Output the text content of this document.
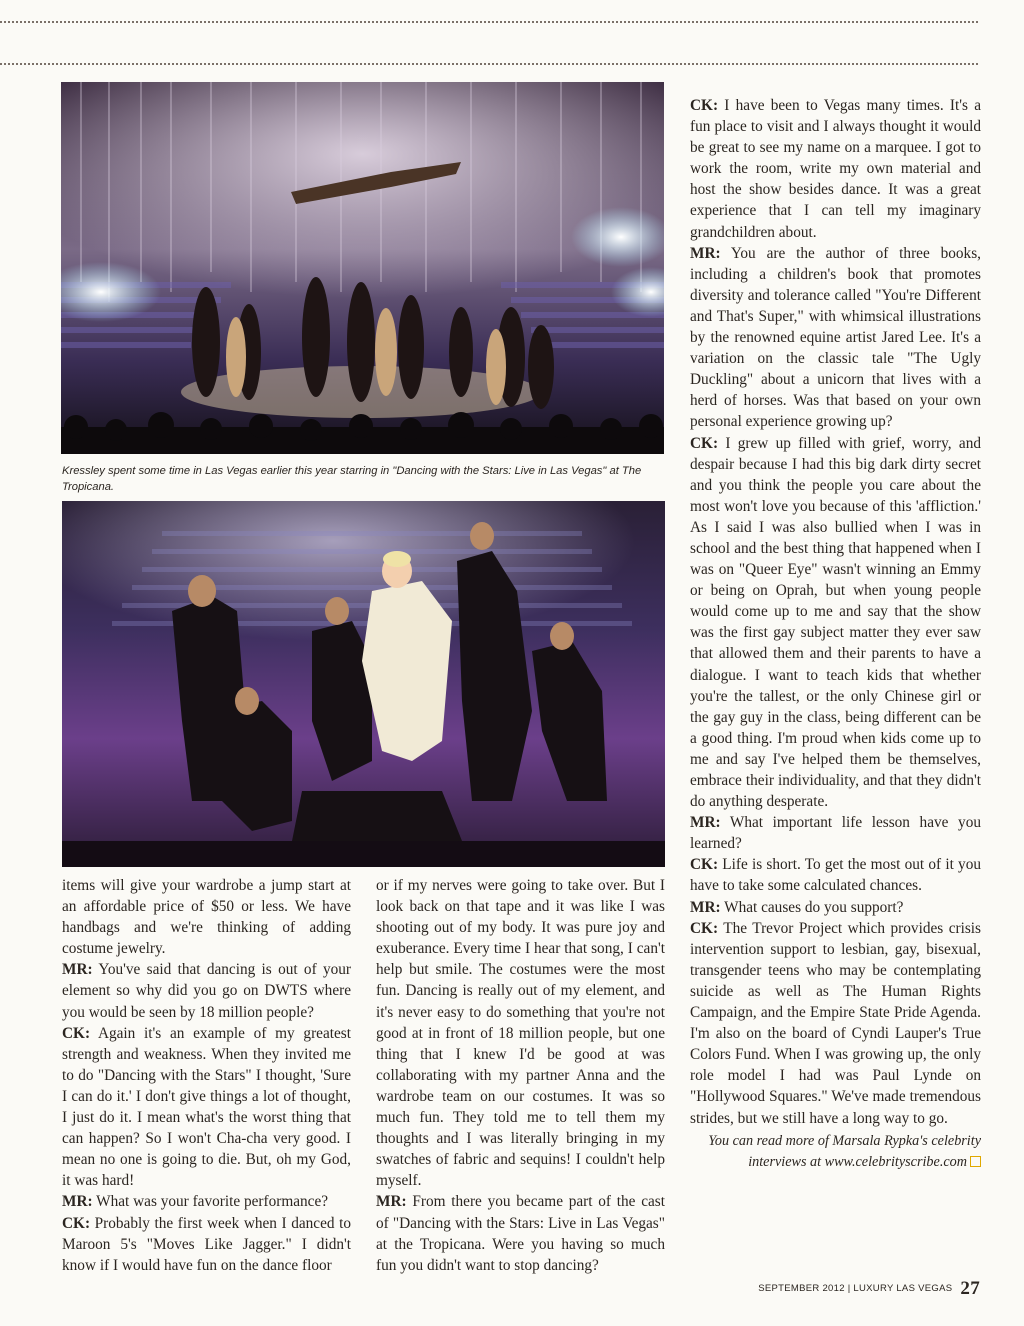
Kressley spent some time in Las Vegas earlier this year starring in "Dancing with the Stars: Live in Las Vegas" at The Tropicana.

items will give your wardrobe a jump start at an affordable price of $50 or less. We have handbags and we're thinking of adding costume jewelry.

MR: You've said that dancing is out of your element so why did you go on DWTS where you would be seen by 18 million people?

CK: Again it's an example of my greatest strength and weakness. When they invited me to do "Dancing with the Stars" I thought, 'Sure I can do it.' I don't give things a lot of thought, I just do it. I mean what's the worst thing that can happen? So I won't Cha-cha very good. I mean no one is going to die. But, oh my God, it was hard!

MR: What was your favorite performance?

CK: Probably the first week when I danced to Maroon 5's "Moves Like Jagger." I didn't know if I would have fun on the dance floor

or if my nerves were going to take over. But I look back on that tape and it was like I was shooting out of my body. It was pure joy and exuberance. Every time I hear that song, I can't help but smile. The costumes were the most fun. Dancing is really out of my element, and it's never easy to do something that you're not good at in front of 18 million people, but one thing that I knew I'd be good at was collaborating with my partner Anna and the wardrobe team on our costumes. It was so much fun. They told me to tell them my thoughts and I was literally bringing in my swatches of fabric and sequins! I couldn't help myself.

MR: From there you became part of the cast of "Dancing with the Stars: Live in Las Vegas" at the Tropicana. Were you having so much fun you didn't want to stop dancing?

CK: I have been to Vegas many times. It's a fun place to visit and I always thought it would be great to see my name on a marquee. I got to work the room, write my own material and host the show besides dance. It was a great experience that I can tell my imaginary grandchildren about.

MR: You are the author of three books, including a children's book that promotes diversity and tolerance called "You're Different and That's Super," with whimsical illustrations by the renowned equine artist Jared Lee. It's a variation on the classic tale "The Ugly Duckling" about a unicorn that lives with a herd of horses. Was that based on your own personal experience growing up?

CK: I grew up filled with grief, worry, and despair because I had this big dark dirty secret and you think the people you care about the most won't love you because of this 'affliction.' As I said I was also bullied when I was in school and the best thing that happened when I was on "Queer Eye" wasn't winning an Emmy or being on Oprah, but when young people would come up to me and say that the show was the first gay subject matter they ever saw that allowed them and their parents to have a dialogue. I want to teach kids that whether you're the tallest, or the only Chinese girl or the gay guy in the class, being different can be a good thing. I'm proud when kids come up to me and say I've helped them be themselves, embrace their individuality, and that they didn't do anything desperate.

MR: What important life lesson have you learned?

CK: Life is short. To get the most out of it you have to take some calculated chances.

MR: What causes do you support?

CK: The Trevor Project which provides crisis intervention support to lesbian, gay, bisexual, transgender teens who may be contemplating suicide as well as The Human Rights Campaign, and the Empire State Pride Agenda. I'm also on the board of Cyndi Lauper's True Colors Fund. When I was growing up, the only role model I had was Paul Lynde on "Hollywood Squares." We've made tremendous strides, but we still have a long way to go.

You can read more of Marsala Rypka's celebrity interviews at www.celebrityscribe.com

SEPTEMBER 2012 | LUXURY LAS VEGAS 27
